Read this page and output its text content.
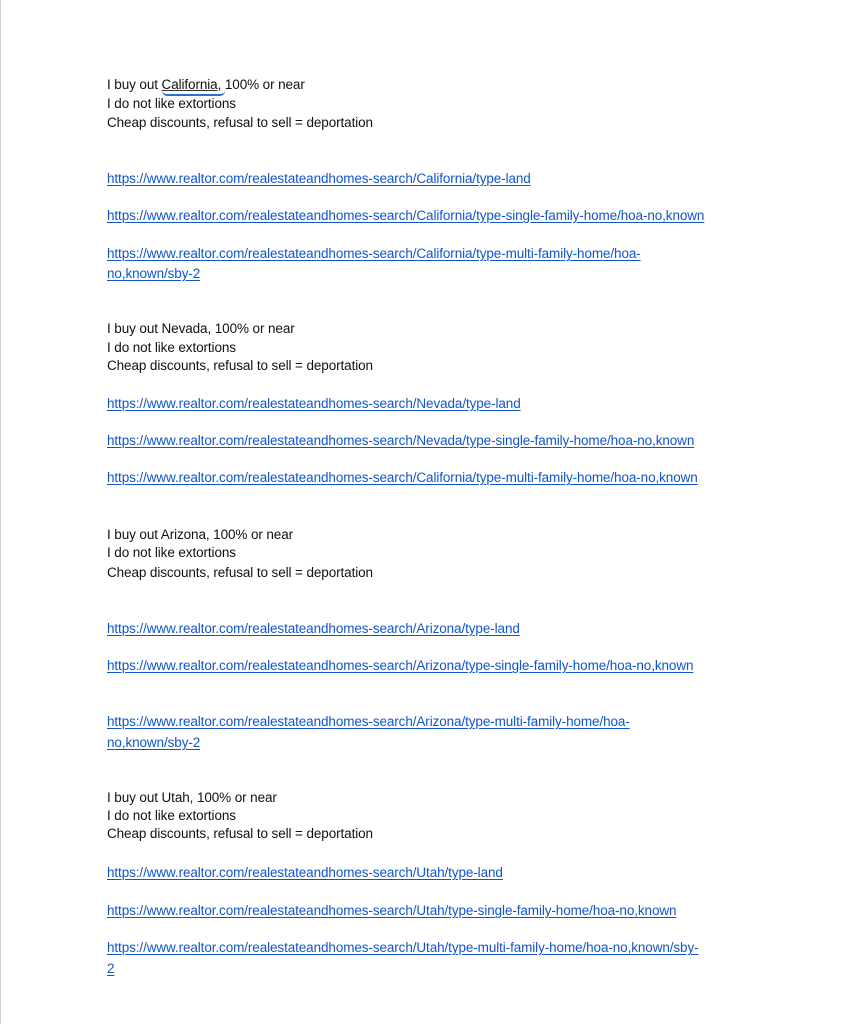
I buy out California,
100% or near
I do not like extortions
Cheap discounts, refusal to sell = deportation
https://www.realtor.com/realestateandhomes-search/California/type-land
https://www.realtor.com/realestateandhomes-search/California/type-single-family-home/hoa-no,known
https://www.realtor.com/realestateandhomes-search/California/type-multi-family-home/hoa-
no,known/sby-2
I buy out Nevada, 100% or near
I do not like extortions
Cheap discounts, refusal to sell = deportation
https://www.realtor.com/realestateandhomes-search/Nevada/type-land
https://www.realtor.com/realestateandhomes-search/Nevada/type-single-family-home/hoa-no,known
https://www.realtor.com/realestateandhomes-search/California/type-multi-family-home/hoa-no,known
I buy out Arizona, 100% or near
I do not like extortions
Cheap discounts, refusal to sell = deportation
https://www.realtor.com/realestateandhomes-search/Arizona/type-land
https://www.realtor.com/realestateandhomes-search/Arizona/type-single-family-home/hoa-no,known
https://www.realtor.com/realestateandhomes-search/Arizona/type-multi-family-home/hoa-
no,known/sby-2
I buy out Utah, 100% or near
I do not like extortions
Cheap discounts, refusal to sell = deportation
https://www.realtor.com/realestateandhomes-search/Utah/type-land
https://www.realtor.com/realestateandhomes-search/Utah/type-single-family-home/hoa-no,known
https://www.realtor.com/realestateandhomes-search/Utah/type-multi-family-home/hoa-no,known/sby-
2
